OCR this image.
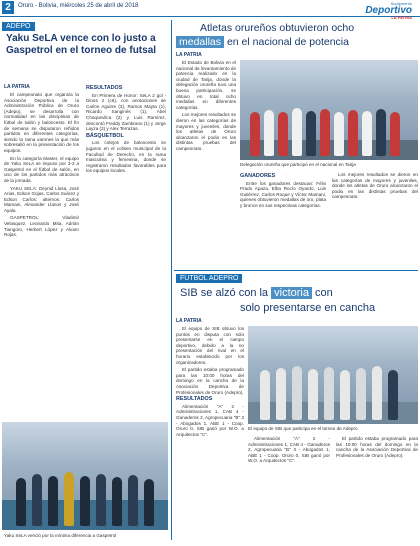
2	Oruro - Bolivia, miércoles 25 de abril de 2018	Suplemento
Deportivo
LA PATRIA
ADEPO
Yaku SeLA vence con lo justo a Gaspetrol en el torneo de futsal
LA PATRIA

El campeonato que organiza la Asociación Deportiva de la Administración Pública de Oruro (Adepo), se desarrolla con normalidad en las disciplinas de fútbol de salón y baloncesto. El fin de semana se disputaron reñidos partidos en diferentes categorías, siendo la rama varones la que más sobresalió en la presentación de los equipos.

En la categoría Master, el equipo de Yaku SeLA se impuso por 3-2 a Gaspetrol en el fútbol de salón, en uno de los partidos más atractivos de la jornada.

YAKU SELA: Deynid Llosa, José Arias, Edson Gojas, Carlos Suárez y Edson Carlos; alternos: Carlos Mamani, Alexander Llanos y José Ayala.

GASPETROL: Vladimir Velasquez, Leonardo Mita, Adrián Tiangoro, Herbert López y Alvaro Rojas.

RESULTADOS

En Primera de Honor: SeLA 2 gol - Dinos 2 (c6), con anotaciones de Carlos Aguirre (3), Ramos Mayta (1), Ricardo Sanginés (1), Abel Choquevilca (2) y Luis Ramírez, descontó Freddy Zambrano (1) y Jorge Layza (2) y Alex Terrazas.

BÁSQUETBOL

Los cotejos de baloncesto se jugaron en el coliseo municipal de la Facultad de Derecho, en la rama masculina y femenina, donde se registraron resultados favorables para los equipos locales.

Yaku SeLA venció por la mínima diferencia a Gaspetrol
Atletas orureños obtuvieron ocho
medallas en el nacional de potencia
LA PATRIA

El Estado de Bolivia en el nacional de levantamiento de potencia realizado en la ciudad de Tarija, donde la delegación orureña tuvo una buena participación, se obtuvo en total ocho medallas en diferentes categorías.

Los mejores resultados se dieron en las categorías de mayores y juveniles, donde los atletas de Oruro alcanzaron el podio en las distintas pruebas del campeonato.

Delegación orureña que participó en el nacional en Tarija
GANADORES

Entre los ganadores destacan: Félix Prado Apaza, Elba Rocío Oyardo, Luis Gutiérrez, Carlos Roque y Víctor Mamani, quienes obtuvieron medallas de oro, plata y bronce en sus respectivas categorías.

Los mejores resultados se dieron en las categorías de mayores y juveniles, donde los atletas de Oruro alcanzaron el podio en las distintas pruebas del campeonato.

FÚTBOL ADEPRO
SIB se alzó con la victoria con
solo presentarse en cancha
LA PATRIA

El equipo de SIB obtuvo los puntos en disputa con solo presentarse en el campo deportivo, debido a la no presentación del rival en el horario establecido por los organizadores.

El partido estaba programado para las 10:00 horas del domingo en la cancha de la Asociación Deportiva de Profesionales de Oruro (Adepro).

RESULTADOS

Alimentación "A" 2 - Administraciones 1, CAB 4 - Ganaderos 2, Agropecuaria "B" 3 - Abogados 1, ABE 1 - Coop. Oruro 0, SIB ganó por W.O. a Arquitectos "C".

El equipo de SIB que participa en el torneo de Adepro

Alimentación "A" 2 - Administraciones 1, CAB 4 - Ganaderos 2, Agropecuaria "B" 3 - Abogados 1, ABE 1 - Coop. Oruro 0, SIB ganó por W.O. a Arquitectos "C".

El partido estaba programado para las 10:00 horas del domingo en la cancha de la Asociación Deportiva de Profesionales de Oruro (Adepro).
